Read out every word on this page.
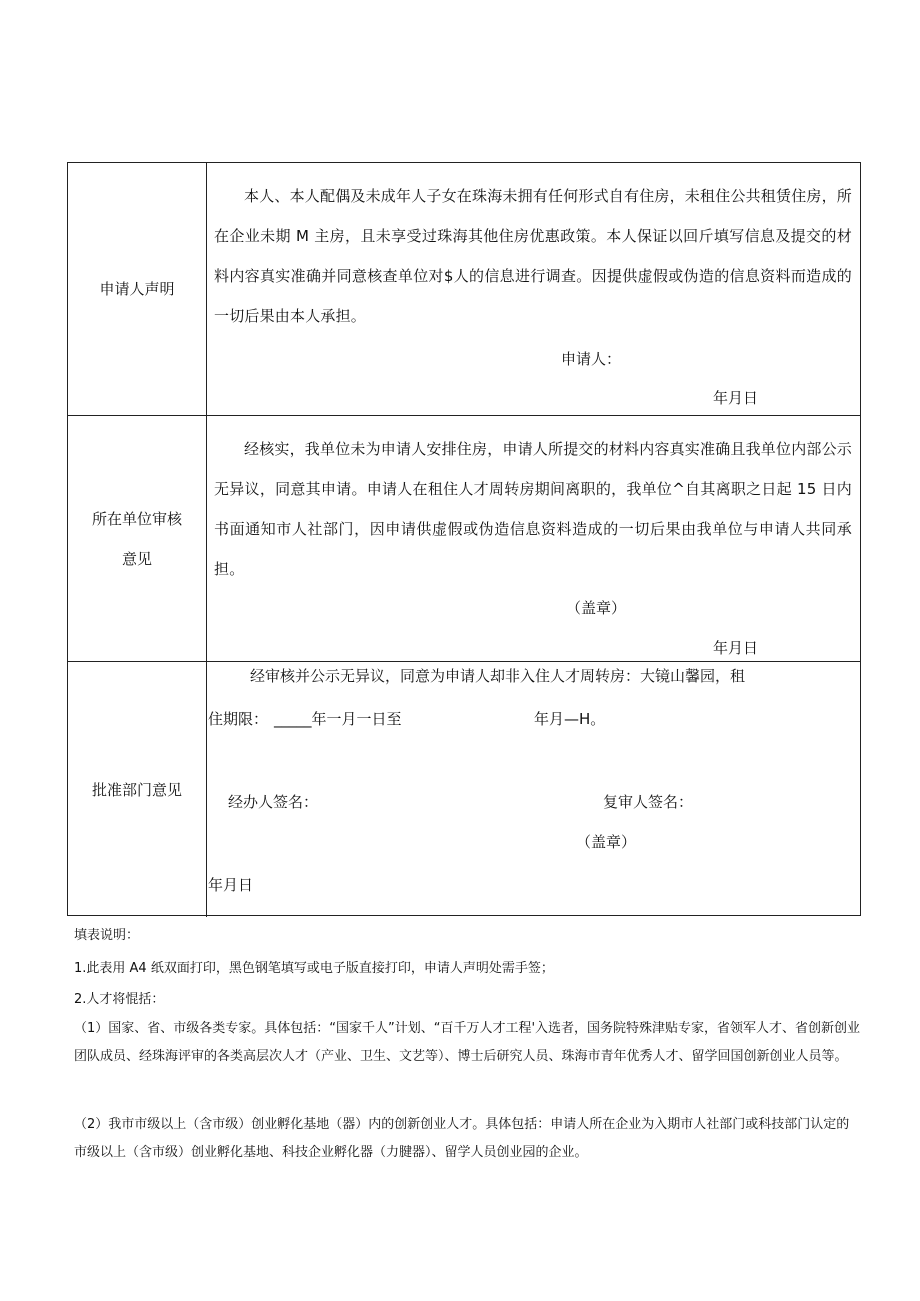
申请人声明

本人、本人配偶及未成年人子女在珠海未拥有任何形式自有住房，未租住公共租赁住房，所在企业未期 M 主房，且未享受过珠海其他住房优惠政策。本人保证以回斤填写信息及提交的材料内容真实准确并同意核查单位对$人的信息进行调查。因提供虚假或伪造的信息资料而造成的一切后果由本人承担。

申请人：
年月日
所在单位审核
意见

经核实，我单位未为申请人安排住房，申请人所提交的材料内容真实准确且我单位内部公示无异议，同意其申请。申请人在租住人才周转房期间离职的，我单位^自其离职之日起 15 日内书面通知市人社部门，因申请供虚假或伪造信息资料造成的一切后果由我单位与申请人共同承担。

（盖章）
年月日
批准部门意见
经审核并公示无异议，同意为申请人却非入住人才周转房：大镜山馨园，租
住期限： _____年一月一日至	年月—H。
经办人签名：	复审人签名：
（盖章）
年月日
填表说明：
1.此表用 A4 纸双面打印，黑色钢笔填写或电子版直接打印，申请人声明处需手签；
2.人才将惃括：
（1）国家、省、市级各类专家。具体包括：“国家千人”计划、“百千万人才工程'入选者，国务院特殊津贴专家，省领军人才、省创新创业团队成员、经珠海评审的各类高层次人才（产业、卫生、文艺等）、博士后研究人员、珠海市青年优秀人才、留学回国创新创业人员等。
（2）我市市级以上（含市级）创业孵化基地（器）内的创新创业人才。具体包括：申请人所在企业为入期市人社部门或科技部门认定的市级以上（含市级）创业孵化基地、科技企业孵化器（力腱器）、留学人员创业园的企业。
